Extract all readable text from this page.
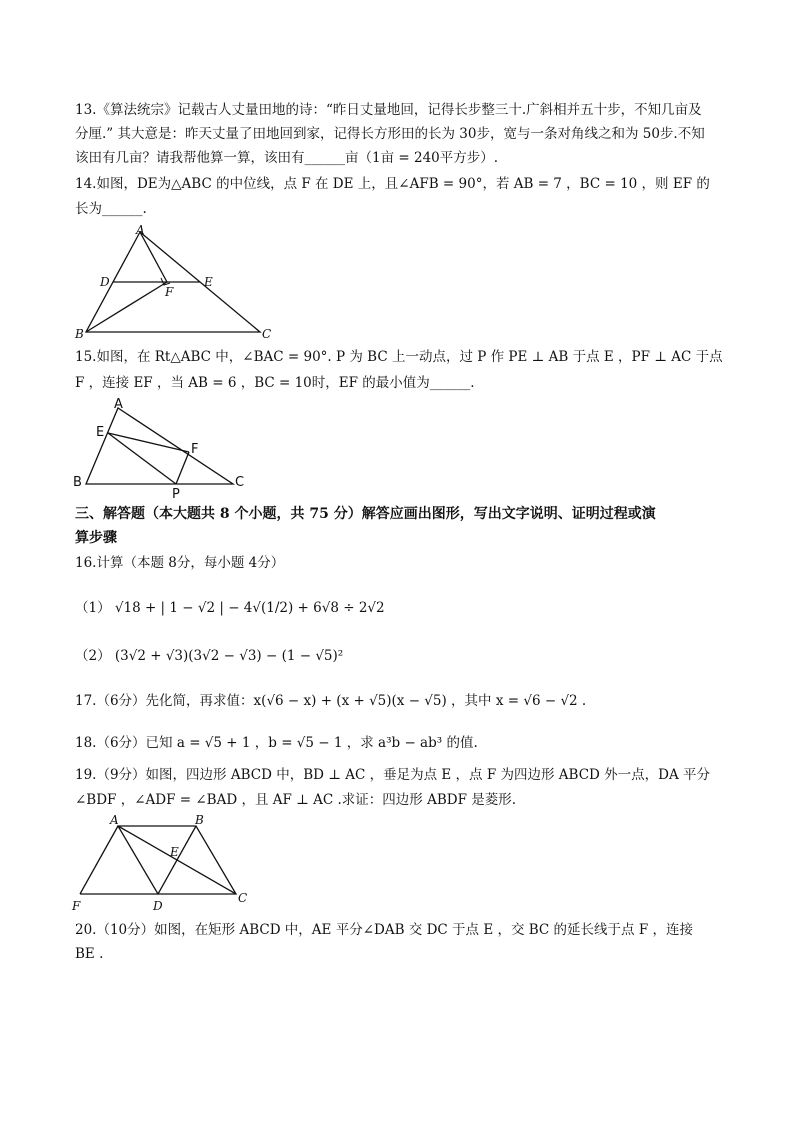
13.《算法统宗》记载古人丈量田地的诗：“昨日丈量地回，记得长步整三十.广斜相并五十步，不知几亩及
分厘.” 其大意是：昨天丈量了田地回到家，记得长方形田的长为 30步，宽与一条对角线之和为 50步.不知
该田有几亩？请我帮他算一算，该田有______亩（1亩 = 240平方步）.
14.如图，DE为△ABC 的中位线，点 F 在 DE 上，且∠AFB = 90°，若 AB = 7 ，BC = 10 ，则 EF 的
长为______.
A
B	C
D	E
F
15.如图，在 Rt△ABC 中，∠BAC = 90°. P 为 BC 上一动点，过 P 作 PE ⊥ AB 于点 E ，PF ⊥ AC 于点
F ，连接 EF ，当 AB = 6 ，BC = 10时，EF 的最小值为______.
A
B	C
E
F
P
三、解答题（本大题共 8 个小题，共 75 分）解答应画出图形，写出文字说明、证明过程或演
算步骤
16.计算（本题 8分，每小题 4分）
（1） √18 + | 1 − √2 | − 4√(1/2) + 6√8 ÷ 2√2
（2） (3√2 + √3)(3√2 − √3) − (1 − √5)²
17.（6分）先化简，再求值：x(√6 − x) + (x + √5)(x − √5) ，其中 x = √6 − √2 .
18.（6分）已知 a = √5 + 1 ，b = √5 − 1 ，求 a³b − ab³ 的值.
19.（9分）如图，四边形 ABCD 中，BD ⊥ AC ，垂足为点 E ，点 F 为四边形 ABCD 外一点，DA 平分
∠BDF ，∠ADF = ∠BAD ，且 AF ⊥ AC .求证：四边形 ABDF 是菱形.
A	B
C
D
E
F
20.（10分）如图，在矩形 ABCD 中，AE 平分∠DAB 交 DC 于点 E ，交 BC 的延长线于点 F ，连接
BE .
